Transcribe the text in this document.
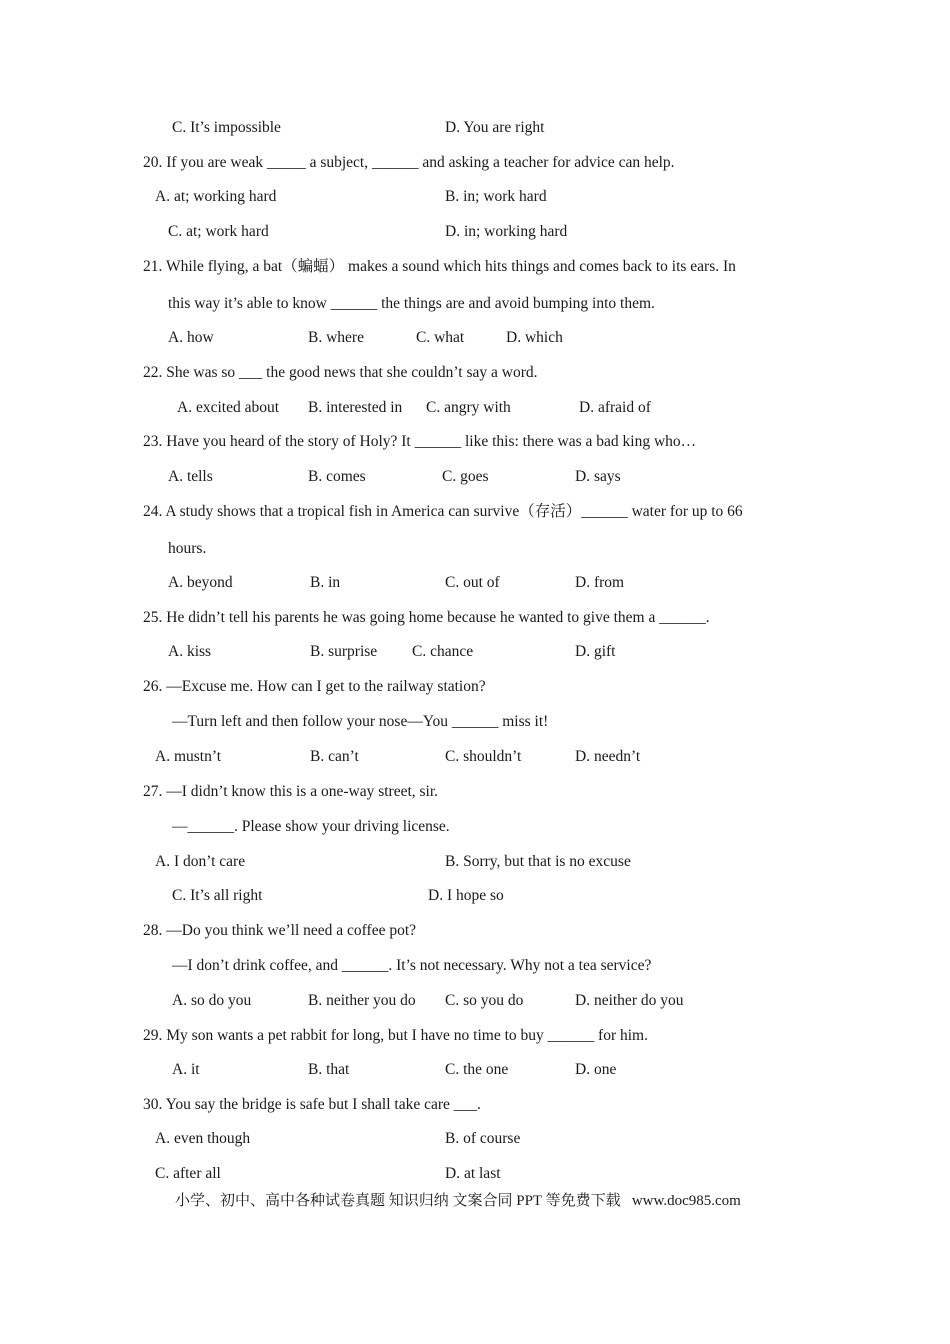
C. It’s impossible	D. You are right
20. If you are weak _____ a subject, ______ and asking a teacher for advice can help.
A. at; working hard	B. in; work hard
C. at; work hard	D. in; working hard
21. While flying, a bat（蝙蝠） makes a sound which hits things and comes back to its ears. In
this way it’s able to know ______ the things are and avoid bumping into them.
A. how	B. where	C. what	D. which
22. She was so ___ the good news that she couldn’t say a word.
A. excited about B. interested in C. angry with	D. afraid of
23. Have you heard of the story of Holy? It ______ like this: there was a bad king who…
A. tells	B. comes	C. goes	D. says
24. A study shows that a tropical fish in America can survive（存活）______ water for up to 66
hours.
A. beyond	B. in	C. out of	D. from
25. He didn’t tell his parents he was going home because he wanted to give them a ______.
A. kiss	B. surprise C. chance	D. gift
26. —Excuse me. How can I get to the railway station?
—Turn left and then follow your nose—You ______ miss it!
A. mustn’t	B. can’t	C. shouldn’t	D. needn’t
27. —I didn’t know this is a one-way street, sir.
—______. Please show your driving license.
A. I don’t care	B. Sorry, but that is no excuse
C. It’s all right	D. I hope so
28. —Do you think we’ll need a coffee pot?
—I don’t drink coffee, and ______. It’s not necessary. Why not a tea service?
A. so do you	B. neither you do C. so you do	D. neither do you
29. My son wants a pet rabbit for long, but I have no time to buy ______ for him.
A. it	B. that	C. the one	D. one
30. You say the bridge is safe but I shall take care ___.
A. even though	B. of course
C. after all	D. at last
小学、初中、高中各种试卷真题 知识归纳 文案合同 PPT 等免费下载   www.doc985.com
